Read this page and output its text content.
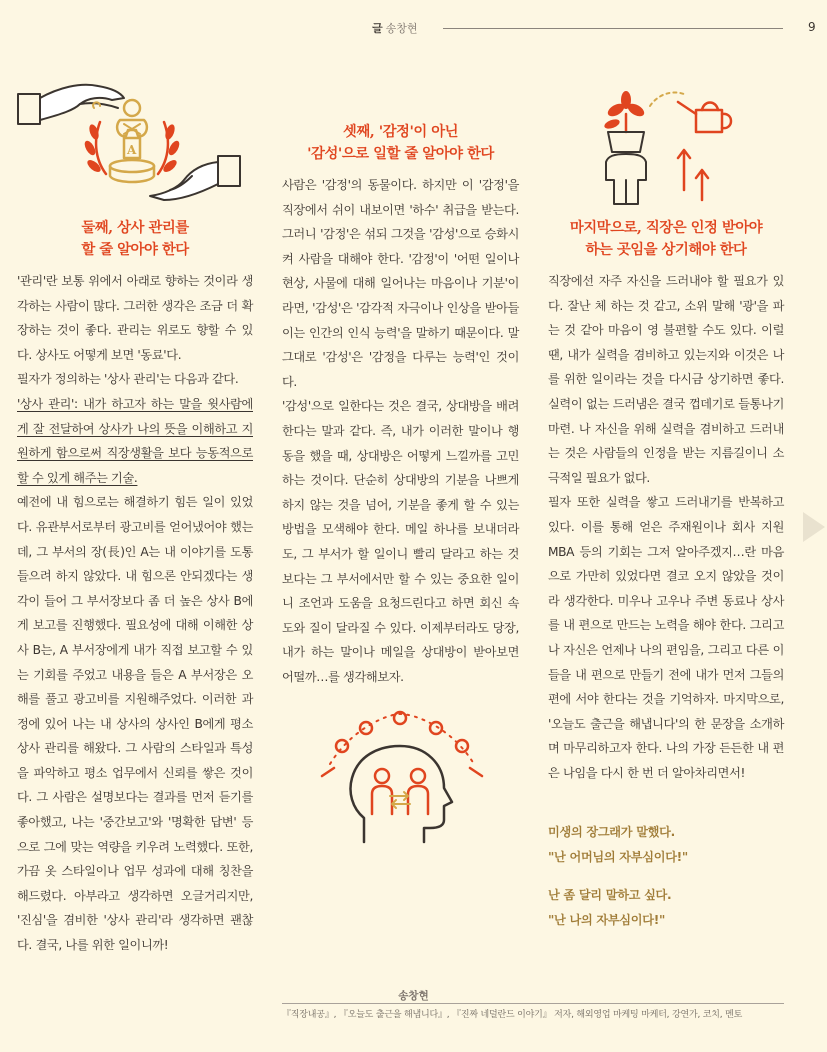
글 송창현	9
A
둘째, 상사 관리를
할 줄 알아야 한다
셋째, '감정'이 아닌
'감성'으로 일할 줄 알아야 한다
마지막으로, 직장은 인정 받아야
하는 곳임을 상기해야 한다

'관리'란 보통 위에서 아래로 향하는 것이라 생각하는 사람이 많다. 그러한 생각은 조금 더 확장하는 것이 좋다. 관리는 위로도 향할 수 있다. 상사도 어떻게 보면 '동료'다.

필자가 정의하는 '상사 관리'는 다음과 같다.

'상사 관리': 내가 하고자 하는 말을 윗사람에게 잘 전달하여 상사가 나의 뜻을 이해하고 지원하게 함으로써 직장생활을 보다 능동적으로 할 수 있게 해주는 기술.

예전에 내 힘으로는 해결하기 힘든 일이 있었다. 유관부서로부터 광고비를 얻어냈어야 했는데, 그 부서의 장(長)인 A는 내 이야기를 도통 들으려 하지 않았다. 내 힘으론 안되겠다는 생각이 들어 그 부서장보다 좀 더 높은 상사 B에게 보고를 진행했다. 필요성에 대해 이해한 상사 B는, A 부서장에게 내가 직접 보고할 수 있는 기회를 주었고 내용을 들은 A 부서장은 오해를 풀고 광고비를 지원해주었다. 이러한 과정에 있어 나는 내 상사의 상사인 B에게 평소 상사 관리를 해왔다. 그 사람의 스타일과 특성을 파악하고 평소 업무에서 신뢰를 쌓은 것이다. 그 사람은 설명보다는 결과를 먼저 듣기를 좋아했고, 나는 '중간보고'와 '명확한 답변' 등으로 그에 맞는 역량을 키우려 노력했다. 또한, 가끔 옷 스타일이나 업무 성과에 대해 칭찬을 해드렸다. 아부라고 생각하면 오글거리지만, '진심'을 겸비한 '상사 관리'라 생각하면 괜찮다. 결국, 나를 위한 일이니까!

사람은 '감정'의 동물이다. 하지만 이 '감정'을 직장에서 쉬이 내보이면 '하수' 취급을 받는다. 그러니 '감정'은 섞되 그것을 '감성'으로 승화시켜 사람을 대해야 한다. '감정'이 '어떤 일이나 현상, 사물에 대해 일어나는 마음이나 기분'이라면, '감성'은 '감각적 자극이나 인상을 받아들이는 인간의 인식 능력'을 말하기 때문이다. 말 그대로 '감성'은 '감정을 다루는 능력'인 것이다.

'감성'으로 일한다는 것은 결국, 상대방을 배려한다는 말과 같다. 즉, 내가 이러한 말이나 행동을 했을 때, 상대방은 어떻게 느낄까를 고민하는 것이다. 단순히 상대방의 기분을 나쁘게 하지 않는 것을 넘어, 기분을 좋게 할 수 있는 방법을 모색해야 한다. 메일 하나를 보내더라도, 그 부서가 할 일이니 빨리 달라고 하는 것보다는 그 부서에서만 할 수 있는 중요한 일이니 조언과 도움을 요청드린다고 하면 회신 속도와 질이 달라질 수 있다. 이제부터라도 당장, 내가 하는 말이나 메일을 상대방이 받아보면 어떨까…를 생각해보자.

직장에선 자주 자신을 드러내야 할 필요가 있다. 잘난 체 하는 것 같고, 소위 말해 '광'을 파는 것 같아 마음이 영 불편할 수도 있다. 이럴 땐, 내가 실력을 겸비하고 있는지와 이것은 나를 위한 일이라는 것을 다시금 상기하면 좋다. 실력이 없는 드러냄은 결국 껍데기로 들통나기 마련. 나 자신을 위해 실력을 겸비하고 드러내는 것은 사람들의 인정을 받는 지름길이니 소극적일 필요가 없다.

필자 또한 실력을 쌓고 드러내기를 반복하고 있다. 이를 통해 얻은 주재원이나 회사 지원 MBA 등의 기회는 그저 알아주겠지…란 마음으로 가만히 있었다면 결코 오지 않았을 것이라 생각한다. 미우나 고우나 주변 동료나 상사를 내 편으로 만드는 노력을 해야 한다. 그리고 나 자신은 언제나 나의 편임을, 그리고 다른 이들을 내 편으로 만들기 전에 내가 먼저 그들의 편에 서야 한다는 것을 기억하자. 마지막으로, '오늘도 출근을 해냅니다'의 한 문장을 소개하며 마무리하고자 한다. 나의 가장 든든한 내 편은 나임을 다시 한 번 더 알아차리면서!

미생의 장그래가 말했다.
"난 어머님의 자부심이다!"
난 좀 달리 말하고 싶다.
"난 나의 자부심이다!"
송창현
『직장내공』, 『오늘도 출근을 해냅니다』, 『진짜 네덜란드 이야기』 저자, 해외영업 마케팅 마케터, 강연가, 코치, 멘토
